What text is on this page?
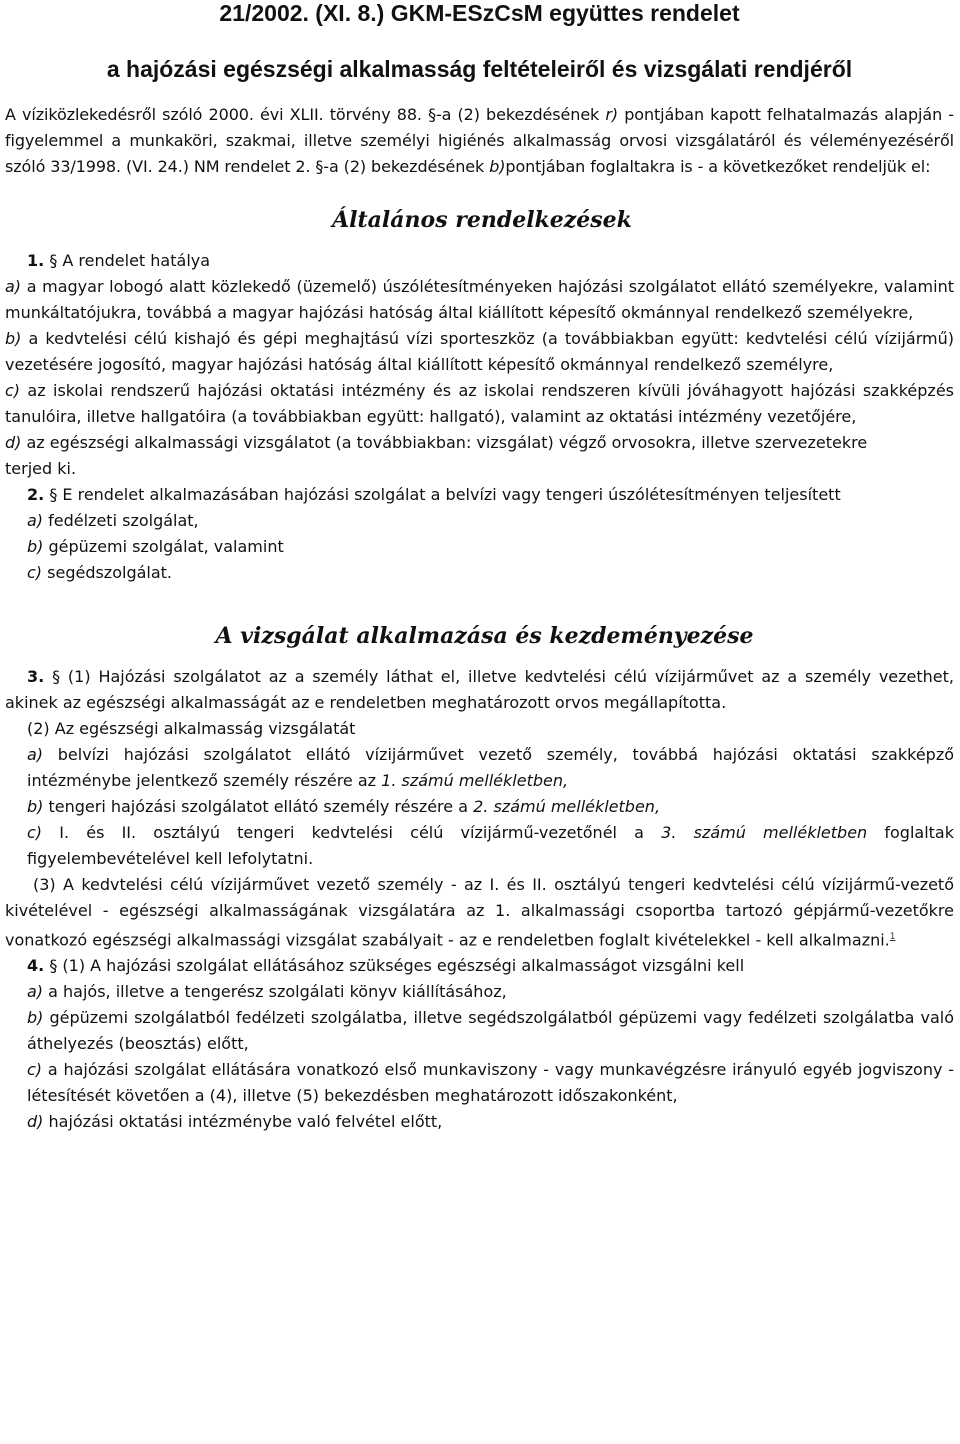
21/2002. (XI. 8.) GKM-ESzCsM együttes rendelet
a hajózási egészségi alkalmasság feltételeiről és vizsgálati rendjéről

A víziközlekedésről szóló 2000. évi XLII. törvény 88. §-a (2) bekezdésének r) pontjában kapott felhatalmazás alapján - figyelemmel a munkaköri, szakmai, illetve személyi higiénés alkalmasság orvosi vizsgálatáról és véleményezéséről szóló 33/1998. (VI. 24.) NM rendelet 2. §-a (2) bekezdésének b)pontjában foglaltakra is - a következőket rendeljük el:

Általános rendelkezések

1. § A rendelet hatálya

a) a magyar lobogó alatt közlekedő (üzemelő) úszólétesítményeken hajózási szolgálatot ellátó személyekre, valamint munkáltatójukra, továbbá a magyar hajózási hatóság által kiállított képesítő okmánnyal rendelkező személyekre,

b) a kedvtelési célú kishajó és gépi meghajtású vízi sporteszköz (a továbbiakban együtt: kedvtelési célú vízijármű) vezetésére jogosító, magyar hajózási hatóság által kiállított képesítő okmánnyal rendelkező személyre,

c) az iskolai rendszerű hajózási oktatási intézmény és az iskolai rendszeren kívüli jóváhagyott hajózási szakképzés tanulóira, illetve hallgatóira (a továbbiakban együtt: hallgató), valamint az oktatási intézmény vezetőjére,

d) az egészségi alkalmassági vizsgálatot (a továbbiakban: vizsgálat) végző orvosokra, illetve szervezetekre

terjed ki.

2. § E rendelet alkalmazásában hajózási szolgálat a belvízi vagy tengeri úszólétesítményen teljesített

a) fedélzeti szolgálat,

b) gépüzemi szolgálat, valamint

c) segédszolgálat.

A vizsgálat alkalmazása és kezdeményezése

3. § (1) Hajózási szolgálatot az a személy láthat el, illetve kedvtelési célú vízijárművet az a személy vezethet, akinek az egészségi alkalmasságát az e rendeletben meghatározott orvos megállapította.

(2) Az egészségi alkalmasság vizsgálatát

a) belvízi hajózási szolgálatot ellátó vízijárművet vezető személy, továbbá hajózási oktatási szakképző intézménybe jelentkező személy részére az 1. számú mellékletben,

b) tengeri hajózási szolgálatot ellátó személy részére a 2. számú mellékletben,

c) I. és II. osztályú tengeri kedvtelési célú vízijármű-vezetőnél a 3. számú mellékletben foglaltak figyelembevételével kell lefolytatni.

(3) A kedvtelési célú vízijárművet vezető személy - az I. és II. osztályú tengeri kedvtelési célú vízijármű-vezető kivételével - egészségi alkalmasságának vizsgálatára az 1. alkalmassági csoportba tartozó gépjármű-vezetőkre vonatkozó egészségi alkalmassági vizsgálat szabályait - az e rendeletben foglalt kivételekkel - kell alkalmazni.$^1$

4. § (1) A hajózási szolgálat ellátásához szükséges egészségi alkalmasságot vizsgálni kell

a) a hajós, illetve a tengerész szolgálati könyv kiállításához,

b) gépüzemi szolgálatból fedélzeti szolgálatba, illetve segédszolgálatból gépüzemi vagy fedélzeti szolgálatba való áthelyezés (beosztás) előtt,

c) a hajózási szolgálat ellátására vonatkozó első munkaviszony - vagy munkavégzésre irányuló egyéb jogviszony - létesítését követően a (4), illetve (5) bekezdésben meghatározott időszakonként,

d) hajózási oktatási intézménybe való felvétel előtt,
